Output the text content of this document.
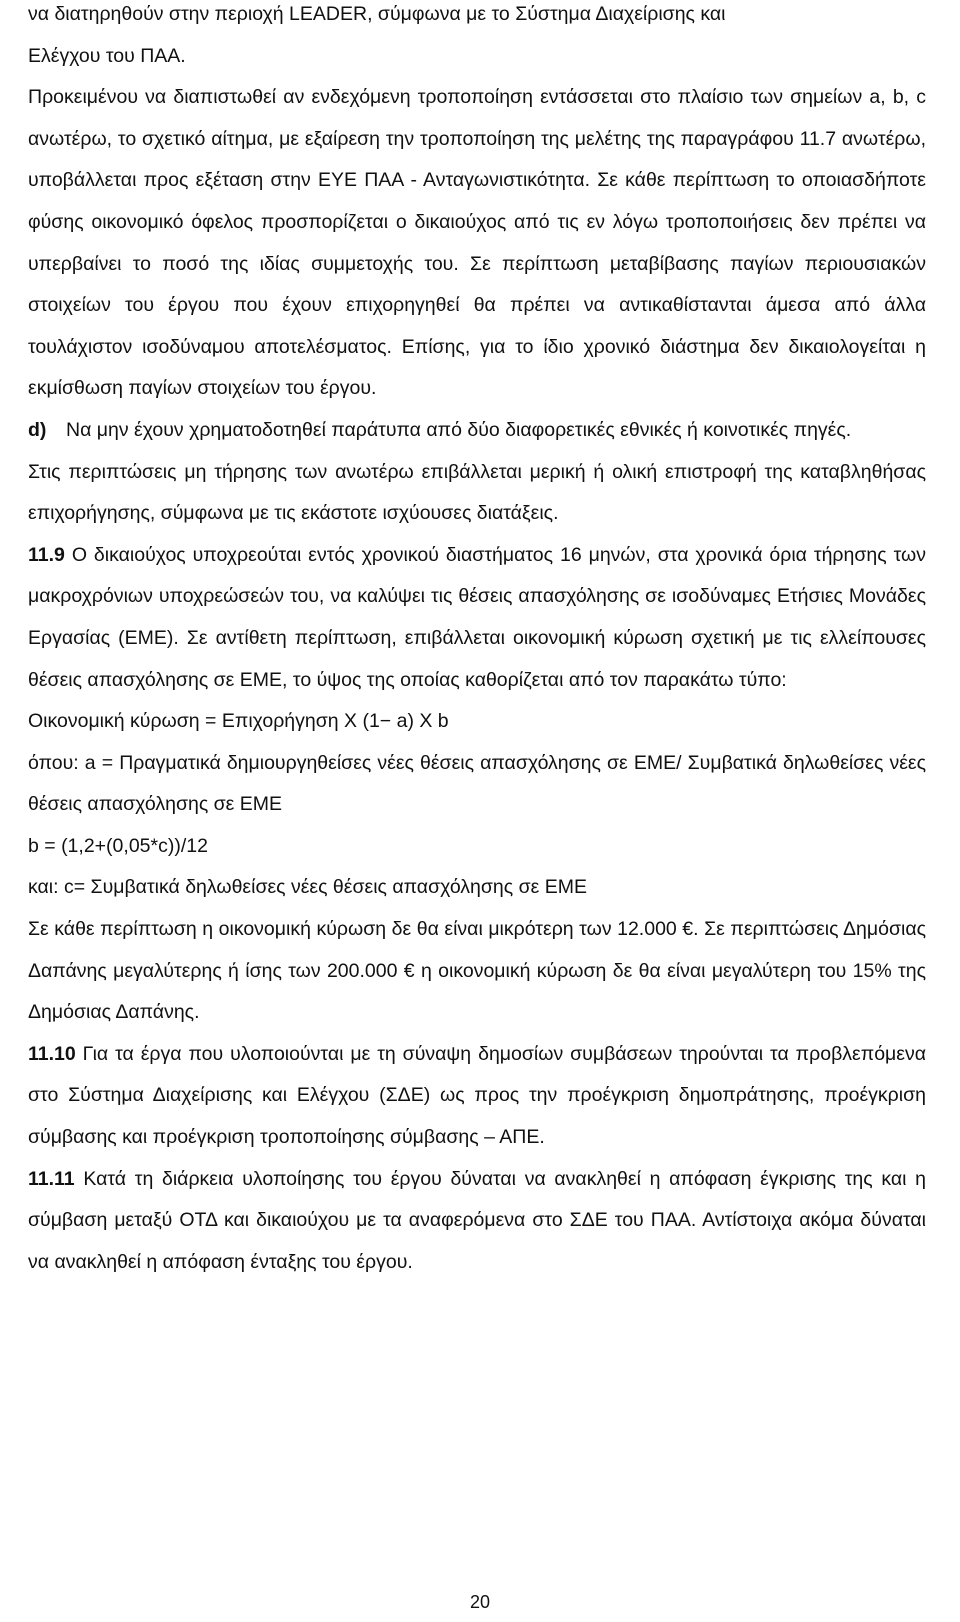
να διατηρηθούν στην περιοχή LEADER, σύμφωνα με το Σύστημα Διαχείρισης και

Ελέγχου του ΠΑΑ.

Προκειμένου να διαπιστωθεί αν ενδεχόμενη τροποποίηση εντάσσεται στο πλαίσιο των σημείων a, b, c ανωτέρω, το σχετικό αίτημα, με εξαίρεση την τροποποίηση της μελέτης της παραγράφου 11.7 ανωτέρω, υποβάλλεται προς εξέταση στην ΕΥΕ ΠΑΑ - Ανταγωνιστικότητα. Σε κάθε περίπτωση το οποιασδήποτε φύσης οικονομικό όφελος προσπορίζεται ο δικαιούχος από τις εν λόγω τροποποιήσεις δεν πρέπει να υπερβαίνει το ποσό της ιδίας συμμετοχής του. Σε περίπτωση μεταβίβασης παγίων περιουσιακών στοιχείων του έργου που έχουν επιχορηγηθεί θα πρέπει να αντικαθίστανται άμεσα από άλλα τουλάχιστον ισοδύναμου αποτελέσματος. Επίσης, για το ίδιο χρονικό διάστημα δεν δικαιολογείται η εκμίσθωση παγίων στοιχείων του έργου.

d) Να μην έχουν χρηματοδοτηθεί παράτυπα από δύο διαφορετικές εθνικές ή κοινοτικές πηγές.

Στις περιπτώσεις μη τήρησης των ανωτέρω επιβάλλεται μερική ή ολική επιστροφή της καταβληθήσας επιχορήγησης, σύμφωνα με τις εκάστοτε ισχύουσες διατάξεις.

11.9 Ο δικαιούχος υποχρεούται εντός χρονικού διαστήματος 16 μηνών, στα χρονικά όρια τήρησης των μακροχρόνιων υποχρεώσεών του, να καλύψει τις θέσεις απασχόλησης σε ισοδύναμες Ετήσιες Μονάδες Εργασίας (ΕΜΕ). Σε αντίθετη περίπτωση, επιβάλλεται οικονομική κύρωση σχετική με τις ελλείπουσες θέσεις απασχόλησης σε ΕΜΕ, το ύψος της οποίας καθορίζεται από τον παρακάτω τύπο:

Οικονομική κύρωση = Επιχορήγηση Χ (1− a) Χ b

όπου: a = Πραγματικά δημιουργηθείσες νέες θέσεις απασχόλησης σε ΕΜΕ/ Συμβατικά δηλωθείσες νέες θέσεις απασχόλησης σε ΕΜΕ

b = (1,2+(0,05*c))/12

και: c= Συμβατικά δηλωθείσες νέες θέσεις απασχόλησης σε ΕΜΕ

Σε κάθε περίπτωση η οικονομική κύρωση δε θα είναι μικρότερη των 12.000 €. Σε περιπτώσεις Δημόσιας Δαπάνης μεγαλύτερης ή ίσης των 200.000 € η οικονομική κύρωση δε θα είναι μεγαλύτερη του 15% της Δημόσιας Δαπάνης.

11.10 Για τα έργα που υλοποιούνται με τη σύναψη δημοσίων συμβάσεων τηρούνται τα προβλεπόμενα στο Σύστημα Διαχείρισης και Ελέγχου (ΣΔΕ) ως προς την προέγκριση δημοπράτησης, προέγκριση σύμβασης και προέγκριση τροποποίησης σύμβασης – ΑΠΕ.

11.11 Κατά τη διάρκεια υλοποίησης του έργου δύναται να ανακληθεί η απόφαση έγκρισης της και η σύμβαση μεταξύ ΟΤΔ και δικαιούχου με τα αναφερόμενα στο ΣΔΕ του ΠΑΑ. Αντίστοιχα ακόμα δύναται να ανακληθεί η απόφαση ένταξης του έργου.

20
